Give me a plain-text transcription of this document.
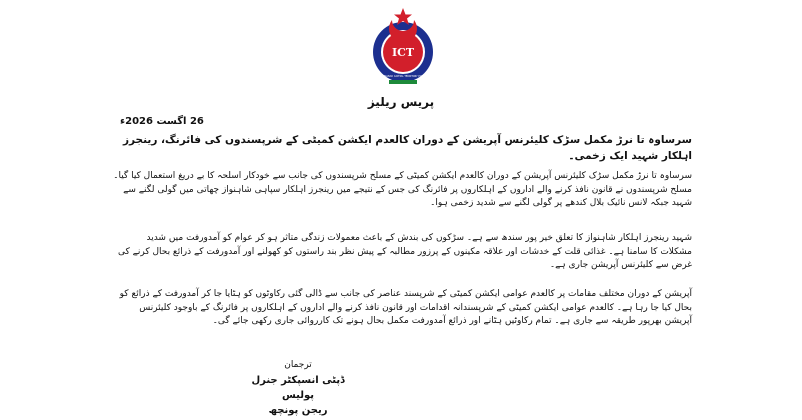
ICT
ISLAMABAD CAPITAL TERRITORY POLICE
پریس ریلیز
26 اگست 2026ء
سرساوہ تا نرڑ مکمل سڑک کلیئرنس آپریشن کے دوران کالعدم ایکشن کمیٹی کے شرپسندوں کی فائرنگ، رینجرز اہلکار شہید ایک زخمی۔
سرساوہ تا نرڑ مکمل سڑک کلیئرنس آپریشن کے دوران کالعدم ایکشن کمیٹی کے مسلح شرپسندوں کی جانب سے خودکار اسلحہ کا بے دریغ استعمال کیا گیا۔ مسلح شرپسندوں نے قانون نافذ کرنے والے اداروں کے اہلکاروں پر فائرنگ کی جس کے نتیجے میں رینجرز اہلکار سپاہی شاہنواز چھاتی میں گولی لگنے سے شہید جبکہ لانس نائیک بلال کندھے پر گولی لگنے سے شدید زخمی ہوا۔
شہید رینجرز اہلکار شاہنواز کا تعلق خیر پور سندھ سے ہے۔ سڑکوں کی بندش کے باعث معمولات زندگی متاثر ہو کر عوام کو آمدورفت میں شدید مشکلات کا سامنا ہے۔ غذائی قلت کے خدشات اور علاقہ مکینوں کے پرزور مطالبہ کے پیش نظر بند راستوں کو کھولنے اور آمدورفت کے ذرائع بحال کرنے کی غرض سے کلیئرنس آپریشن جاری ہے۔
آپریشن کے دوران مختلف مقامات پر کالعدم عوامی ایکشن کمیٹی کے شرپسند عناصر کی جانب سے ڈالی گئی رکاوٹوں کو ہٹایا جا کر آمدورفت کے ذرائع کو بحال کیا جا رہا ہے۔ کالعدم عوامی ایکشن کمیٹی کے شرپسندانہ اقدامات اور قانون نافذ کرنے والے اداروں کے اہلکاروں پر فائرنگ کے باوجود کلیئرنس آپریشن بھرپور طریقہ سے جاری ہے۔ تمام رکاوٹیں ہٹانے اور ذرائع آمدورفت مکمل بحال ہونے تک کارروائی جاری رکھی جائے گی۔
ترجمان
ڈپٹی انسپکٹر جنرل پولیس
ریجن پونچھ
